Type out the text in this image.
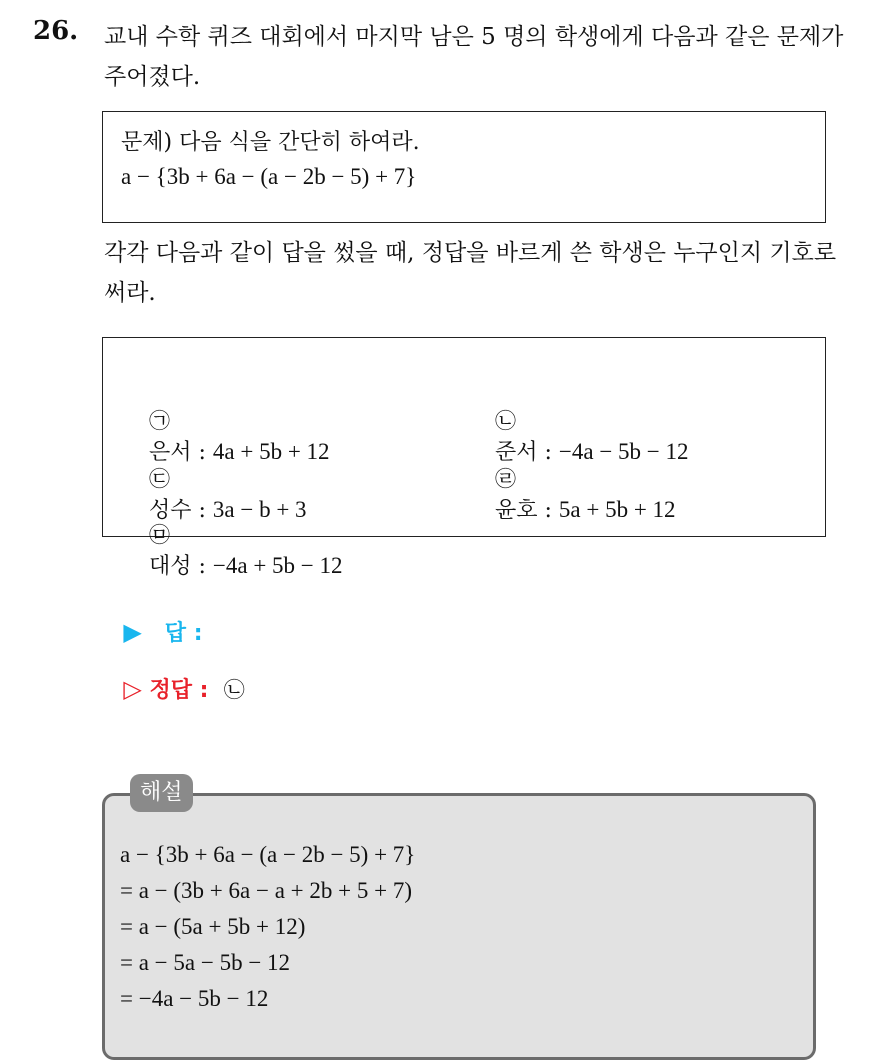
26. 교내 수학 퀴즈 대회에서 마지막 남은 5 명의 학생에게 다음과 같은 문제가 주어졌다.
문제) 다음 식을 간단히 하여라.
a − {3b + 6a − (a − 2b − 5) + 7}
각각 다음과 같이 답을 썼을 때, 정답을 바르게 쓴 학생은 누구인지 기호로 써라.

㉠
은서 : 4a + 5b + 12

㉡
준서 : −4a − 5b − 12

㉢
성수 : 3a − b + 3

㉣
윤호 : 5a + 5b + 12

㉤
대성 : −4a + 5b − 12

▶ 답 :

▷ 정답 : ㉡

해설
a − {3b + 6a − (a − 2b − 5) + 7}
= a − (3b + 6a − a + 2b + 5 + 7)
= a − (5a + 5b + 12)
= a − 5a − 5b − 12
= −4a − 5b − 12
